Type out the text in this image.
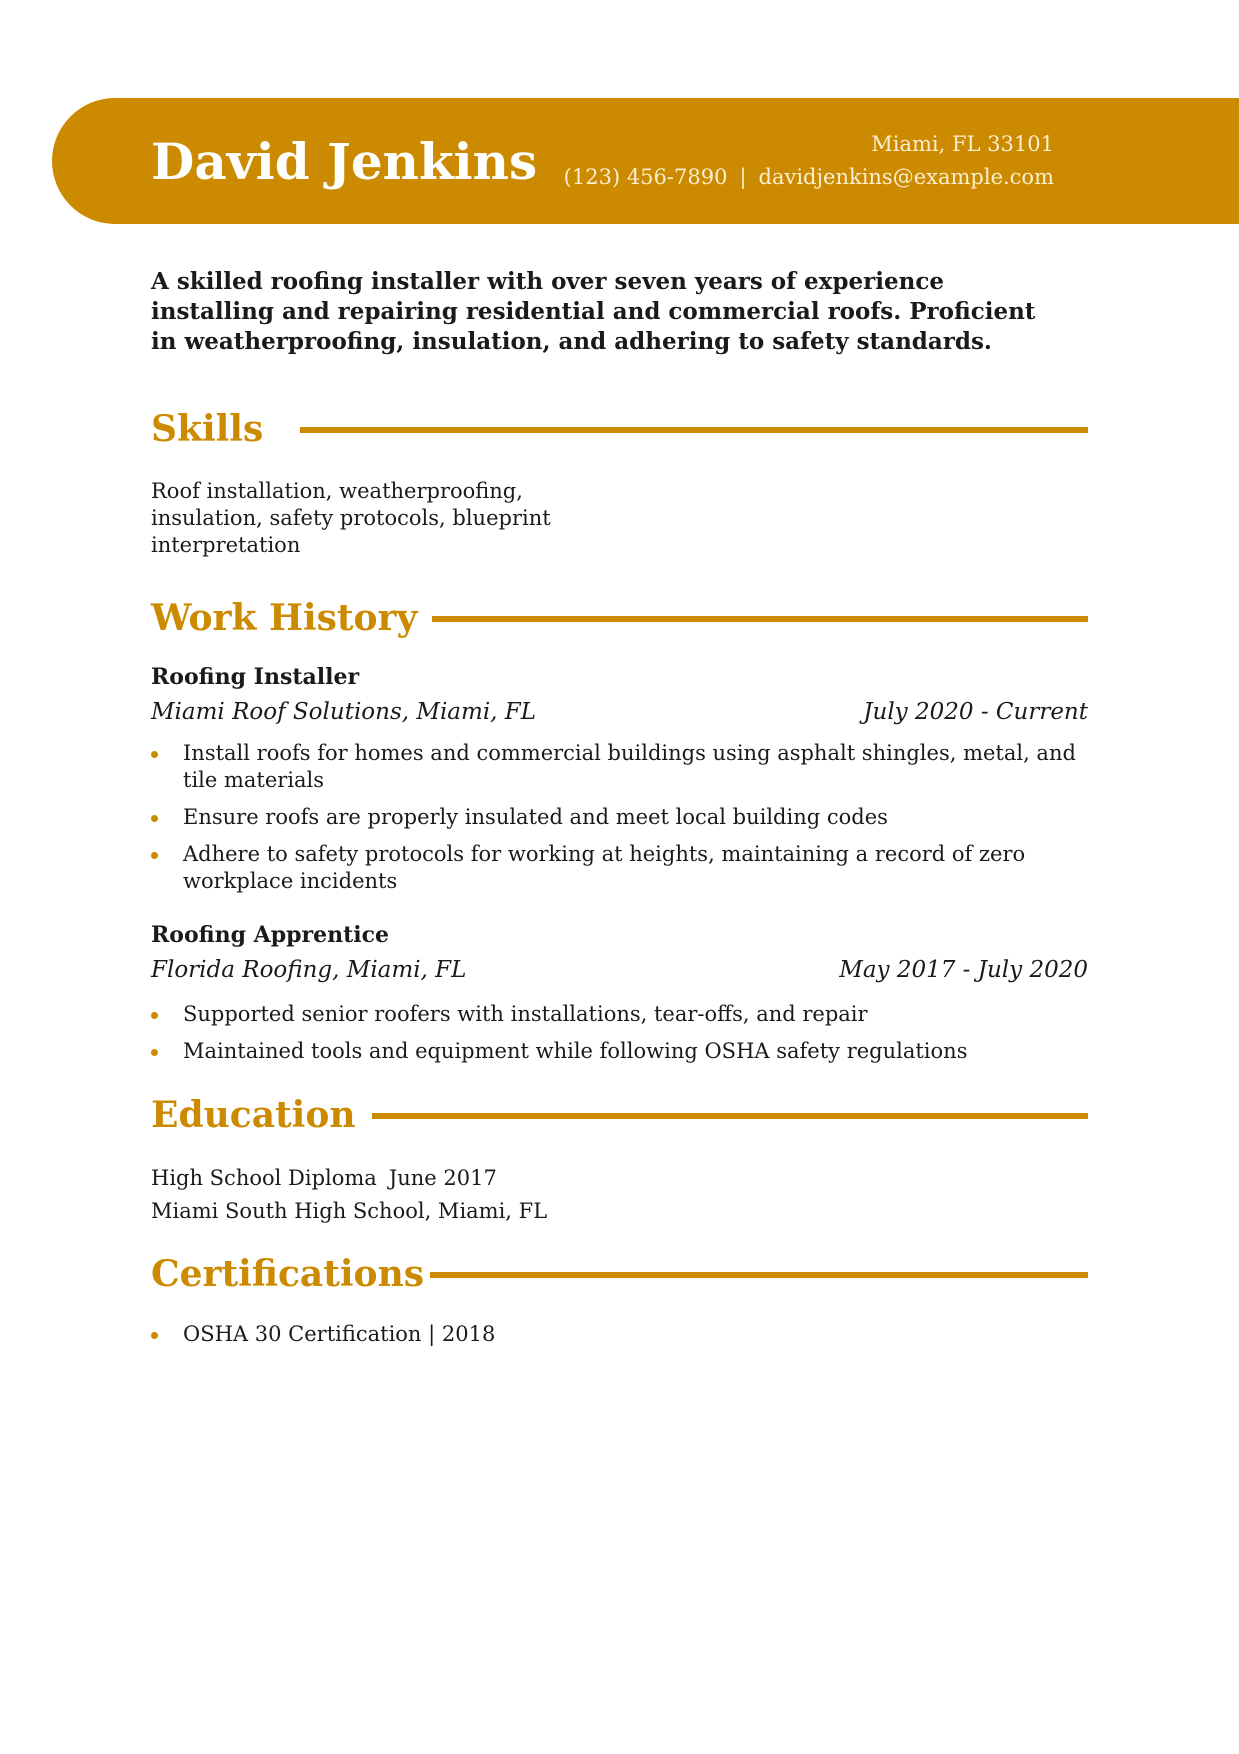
David Jenkins	Miami, FL 33101
(123) 456-7890 | davidjenkins@example.com
A skilled roofing installer with over seven years of experience installing and repairing residential and commercial roofs. Proficient in weatherproofing, insulation, and adhering to safety standards.
Skills
Roof installation, weatherproofing, insulation, safety protocols, blueprint interpretation
Work History
Roofing Installer
Miami Roof Solutions, Miami, FL	July 2020 - Current
Install roofs for homes and commercial buildings using asphalt shingles, metal, and tile materials
Ensure roofs are properly insulated and meet local building codes
Adhere to safety protocols for working at heights, maintaining a record of zero workplace incidents
Roofing Apprentice
Florida Roofing, Miami, FL	May 2017 - July 2020
Supported senior roofers with installations, tear-offs, and repair
Maintained tools and equipment while following OSHA safety regulations
Education
High School Diploma June 2017
Miami South High School, Miami, FL
Certifications
OSHA 30 Certification | 2018
